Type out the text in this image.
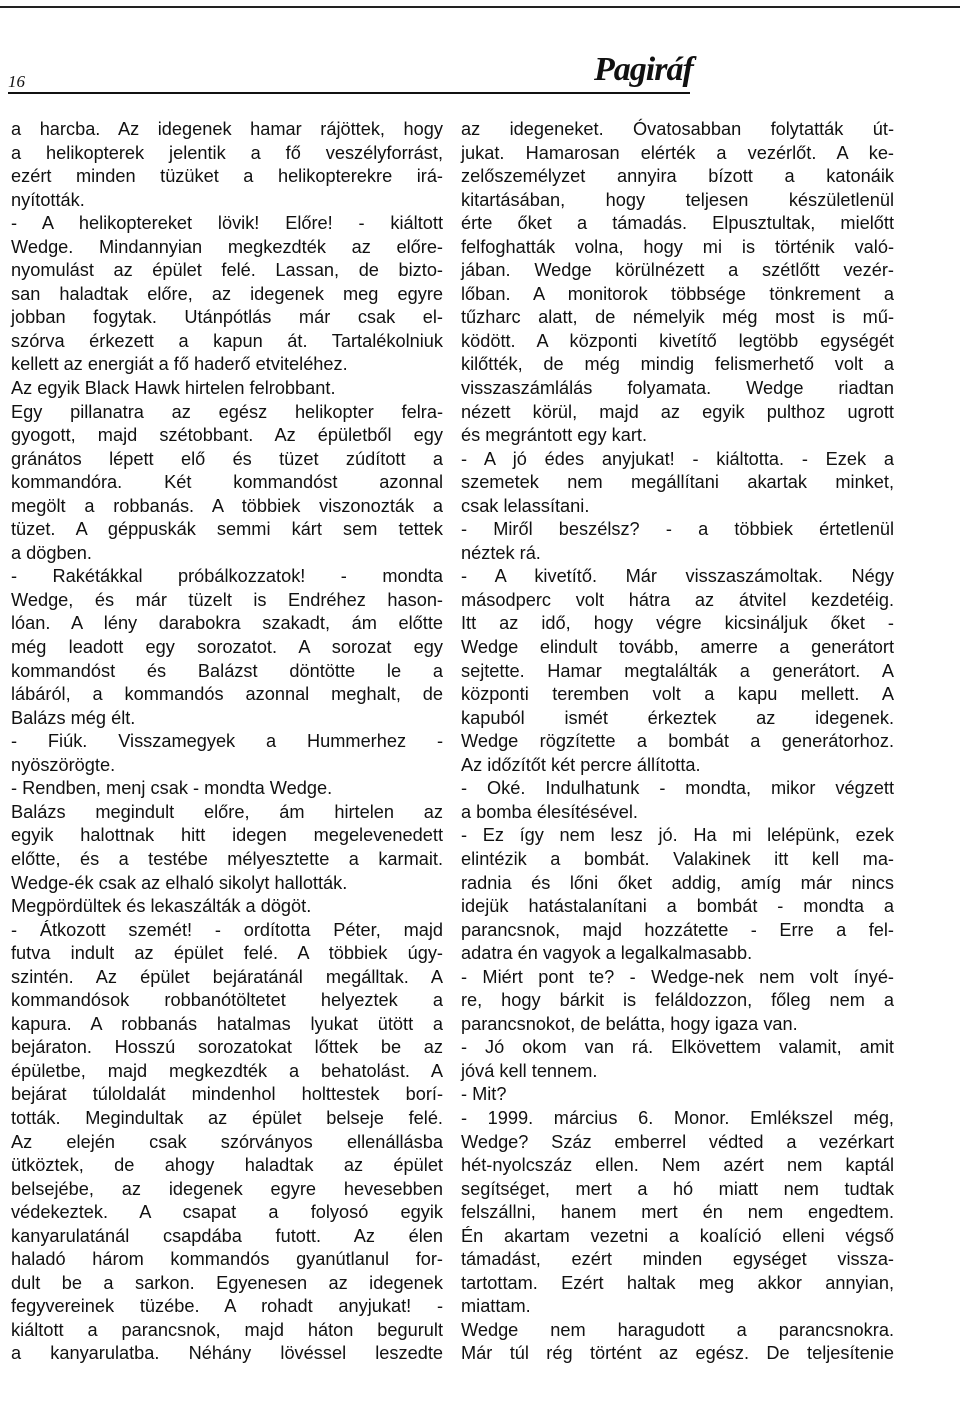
16	Pagiráf
a harcba. Az idegenek hamar rájöttek, hogy
a helikopterek jelentik a fő veszélyforrást,
ezért minden tüzüket a helikopterekre irá-
nyították.
- A helikoptereket lövik! Előre! - kiáltott
Wedge. Mindannyian megkezdték az előre-
nyomulást az épület felé. Lassan, de bizto-
san haladtak előre, az idegenek meg egyre
jobban fogytak. Utánpótlás már csak el-
szórva érkezett a kapun át. Tartalékolniuk
kellett az energiát a fő haderő etviteléhez.
Az egyik Black Hawk hirtelen felrobbant.
Egy pillanatra az egész helikopter felra-
gyogott, majd szétobbant. Az épületből egy
gránátos lépett elő és tüzet zúdított a
kommandóra. Két kommandóst azonnal
megölt a robbanás. A többiek viszonozták a
tüzet. A géppuskák semmi kárt sem tettek
a dögben.
- Rakétákkal próbálkozzatok! - mondta
Wedge, és már tüzelt is Endréhez hason-
lóan. A lény darabokra szakadt, ám előtte
még leadott egy sorozatot. A sorozat egy
kommandóst és Balázst döntötte le a
lábáról, a kommandós azonnal meghalt, de
Balázs még élt.
- Fiúk. Visszamegyek a Hummerhez -
nyöszörögte.
- Rendben, menj csak - mondta Wedge.
Balázs megindult előre, ám hirtelen az
egyik halottnak hitt idegen megelevenedett
előtte, és a testébe mélyesztette a karmait.
Wedge-ék csak az elhaló sikolyt hallották.
Megpördültek és lekaszálták a dögöt.
- Átkozott szemét! - ordította Péter, majd
futva indult az épület felé. A többiek úgy-
szintén. Az épület bejáratánál megálltak. A
kommandósok robbanótöltetet helyeztek a
kapura. A robbanás hatalmas lyukat ütött a
bejáraton. Hosszú sorozatokat lőttek be az
épületbe, majd megkezdték a behatolást. A
bejárat túloldalát mindenhol holttestek borí-
tották. Megindultak az épület belseje felé.
Az elején csak szórványos ellenállásba
ütköztek, de ahogy haladtak az épület
belsejébe, az idegenek egyre hevesebben
védekeztek. A csapat a folyosó egyik
kanyarulatánál csapdába futott. Az élen
haladó három kommandós gyanútlanul for-
dult be a sarkon. Egyenesen az idegenek
fegyvereinek tüzébe. A rohadt anyjukat! -
kiáltott a parancsnok, majd háton begurult
a kanyarulatba. Néhány lövéssel leszedte
az idegeneket. Óvatosabban folytatták út-
jukat. Hamarosan elérték a vezérlőt. A ke-
zelőszemélyzet annyira bízott a katonáik
kitartásában, hogy teljesen készületlenül
érte őket a támadás. Elpusztultak, mielőtt
felfoghatták volna, hogy mi is történik való-
jában. Wedge körülnézett a szétlőtt vezér-
lőban. A monitorok többsége tönkrement a
tűzharc alatt, de némelyik még most is mű-
ködött. A központi kivetítő legtöbb egységét
kilőtték, de még mindig felismerhető volt a
visszaszámlálás folyamata. Wedge riadtan
nézett körül, majd az egyik pulthoz ugrott
és megrántott egy kart.
- A jó édes anyjukat! - kiáltotta. - Ezek a
szemetek nem megállítani akartak minket,
csak lelassítani.
- Miről beszélsz? - a többiek értetlenül
néztek rá.
- A kivetítő. Már visszaszámoltak. Négy
másodperc volt hátra az átvitel kezdetéig.
Itt az idő, hogy végre kicsináljuk őket -
Wedge elindult tovább, amerre a generátort
sejtette. Hamar megtalálták a generátort. A
központi teremben volt a kapu mellett. A
kapuból ismét érkeztek az idegenek.
Wedge rögzítette a bombát a generátorhoz.
Az időzítőt két percre állította.
- Oké. Indulhatunk - mondta, mikor végzett
a bomba élesítésével.
- Ez így nem lesz jó. Ha mi lelépünk, ezek
elintézik a bombát. Valakinek itt kell ma-
radnia és lőni őket addig, amíg már nincs
idejük hatástalanítani a bombát - mondta a
parancsnok, majd hozzátette - Erre a fel-
adatra én vagyok a legalkalmasabb.
- Miért pont te? - Wedge-nek nem volt ínyé-
re, hogy bárkit is feláldozzon, főleg nem a
parancsnokot, de belátta, hogy igaza van.
- Jó okom van rá. Elkövettem valamit, amit
jóvá kell tennem.
- Mit?
- 1999. március 6. Monor. Emlékszel még,
Wedge? Száz emberrel védted a vezérkart
hét-nyolcszáz ellen. Nem azért nem kaptál
segítséget, mert a hó miatt nem tudtak
felszállni, hanem mert én nem engedtem.
Én akartam vezetni a koalíció elleni végső
támadást, ezért minden egységet vissza-
tartottam. Ezért haltak meg akkor annyian,
miattam.
Wedge nem haragudott a parancsnokra.
Már túl rég történt az egész. De teljesítenie
